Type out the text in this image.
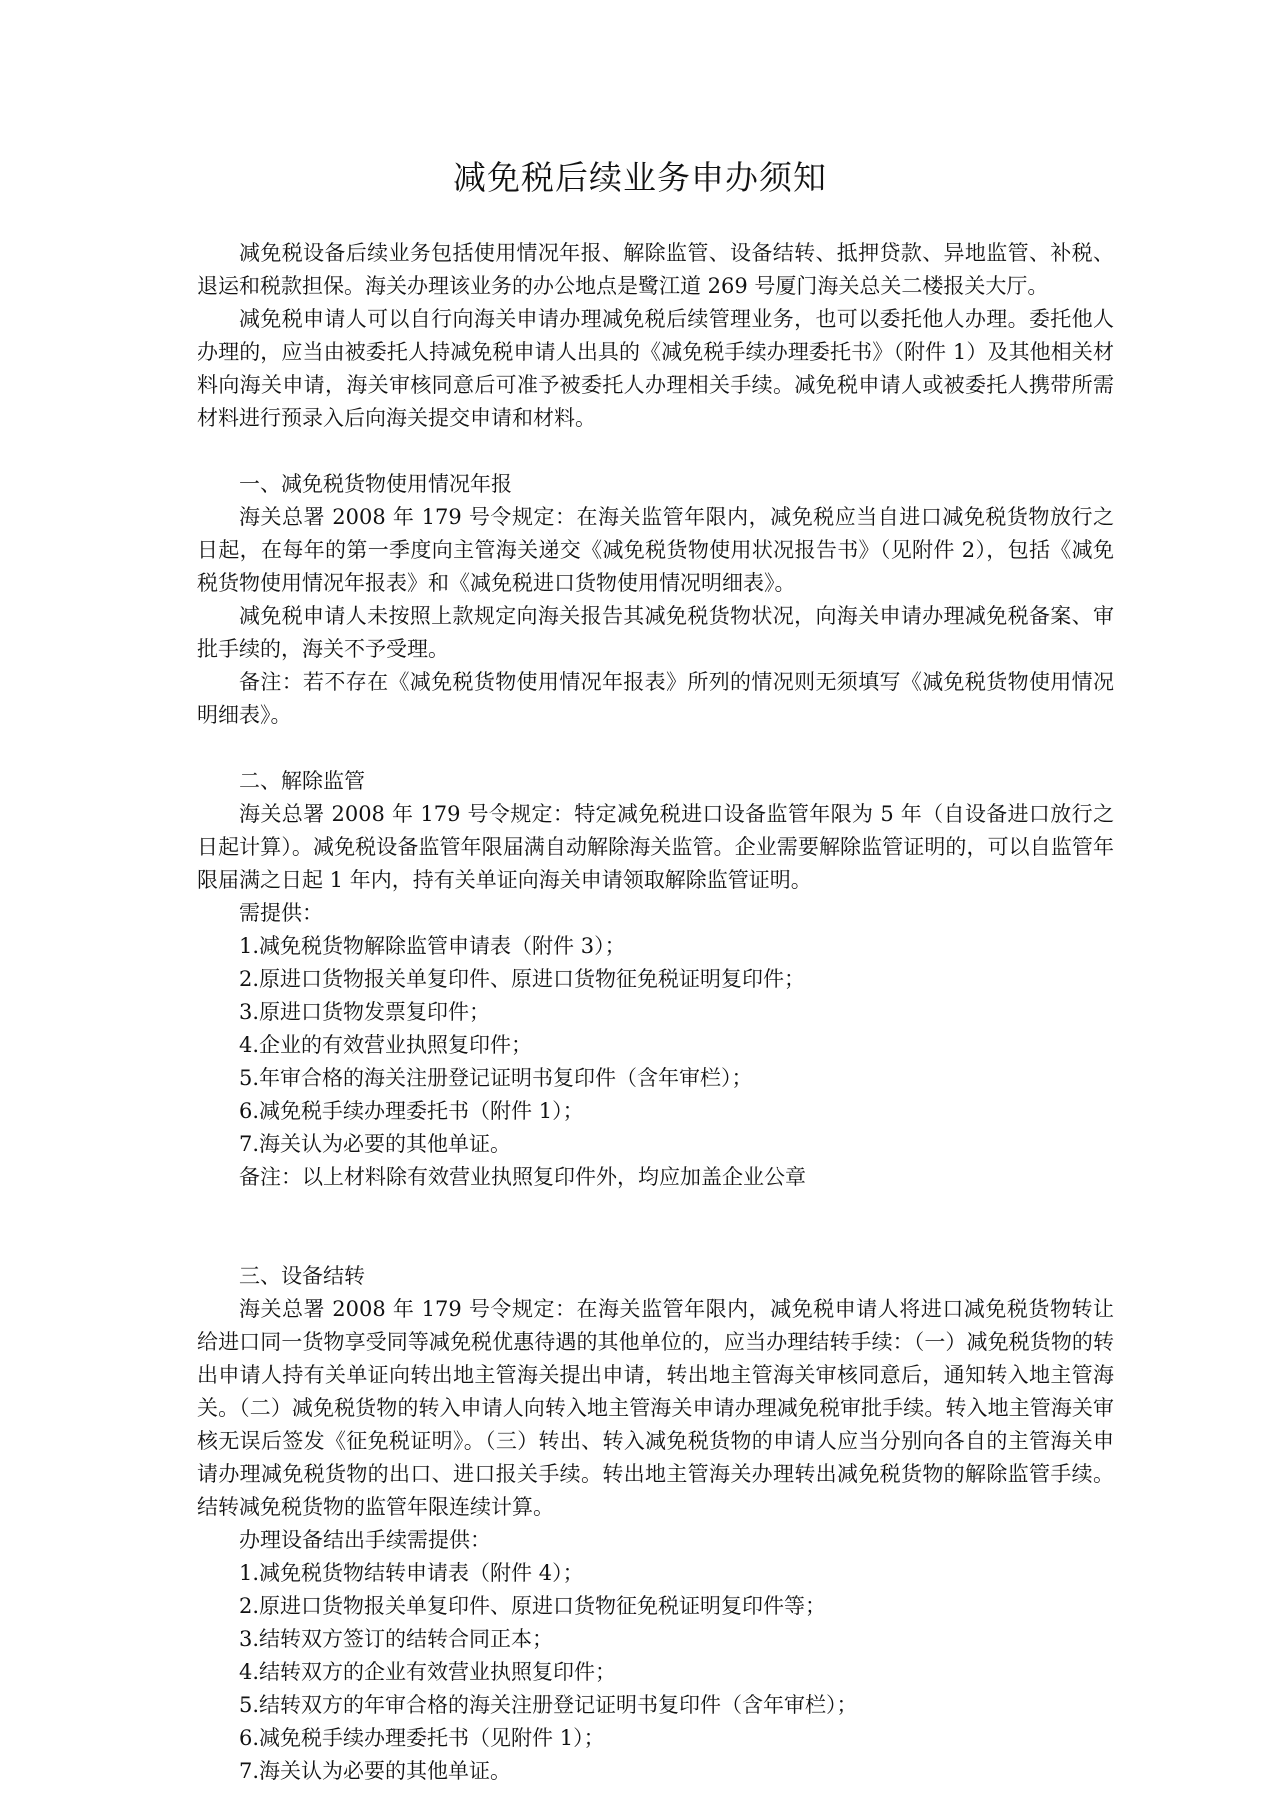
减免税后续业务申办须知

减免税设备后续业务包括使用情况年报、解除监管、设备结转、抵押贷款、异地监管、补税、退运和税款担保。海关办理该业务的办公地点是鹭江道 269 号厦门海关总关二楼报关大厅。

减免税申请人可以自行向海关申请办理减免税后续管理业务，也可以委托他人办理。委托他人办理的，应当由被委托人持减免税申请人出具的《减免税手续办理委托书》（附件 1）及其他相关材料向海关申请，海关审核同意后可准予被委托人办理相关手续。减免税申请人或被委托人携带所需材料进行预录入后向海关提交申请和材料。

一、减免税货物使用情况年报

海关总署 2008 年 179 号令规定：在海关监管年限内，减免税应当自进口减免税货物放行之日起，在每年的第一季度向主管海关递交《减免税货物使用状况报告书》（见附件 2），包括《减免税货物使用情况年报表》和《减免税进口货物使用情况明细表》。

减免税申请人未按照上款规定向海关报告其减免税货物状况，向海关申请办理减免税备案、审批手续的，海关不予受理。

备注：若不存在《减免税货物使用情况年报表》所列的情况则无须填写《减免税货物使用情况明细表》。

二、解除监管

海关总署 2008 年 179 号令规定：特定减免税进口设备监管年限为 5 年（自设备进口放行之日起计算）。减免税设备监管年限届满自动解除海关监管。企业需要解除监管证明的，可以自监管年限届满之日起 1 年内，持有关单证向海关申请领取解除监管证明。

需提供：

1.减免税货物解除监管申请表（附件 3）；

2.原进口货物报关单复印件、原进口货物征免税证明复印件；

3.原进口货物发票复印件；

4.企业的有效营业执照复印件；

5.年审合格的海关注册登记证明书复印件（含年审栏）；

6.减免税手续办理委托书（附件 1）；

7.海关认为必要的其他单证。

备注：以上材料除有效营业执照复印件外，均应加盖企业公章

三、设备结转

海关总署 2008 年 179 号令规定：在海关监管年限内，减免税申请人将进口减免税货物转让给进口同一货物享受同等减免税优惠待遇的其他单位的，应当办理结转手续：（一）减免税货物的转出申请人持有关单证向转出地主管海关提出申请，转出地主管海关审核同意后，通知转入地主管海关。（二）减免税货物的转入申请人向转入地主管海关申请办理减免税审批手续。转入地主管海关审核无误后签发《征免税证明》。（三）转出、转入减免税货物的申请人应当分别向各自的主管海关申请办理减免税货物的出口、进口报关手续。转出地主管海关办理转出减免税货物的解除监管手续。结转减免税货物的监管年限连续计算。

办理设备结出手续需提供：

1.减免税货物结转申请表（附件 4）；

2.原进口货物报关单复印件、原进口货物征免税证明复印件等；

3.结转双方签订的结转合同正本；

4.结转双方的企业有效营业执照复印件；

5.结转双方的年审合格的海关注册登记证明书复印件（含年审栏）；

6.减免税手续办理委托书（见附件 1）；

7.海关认为必要的其他单证。
